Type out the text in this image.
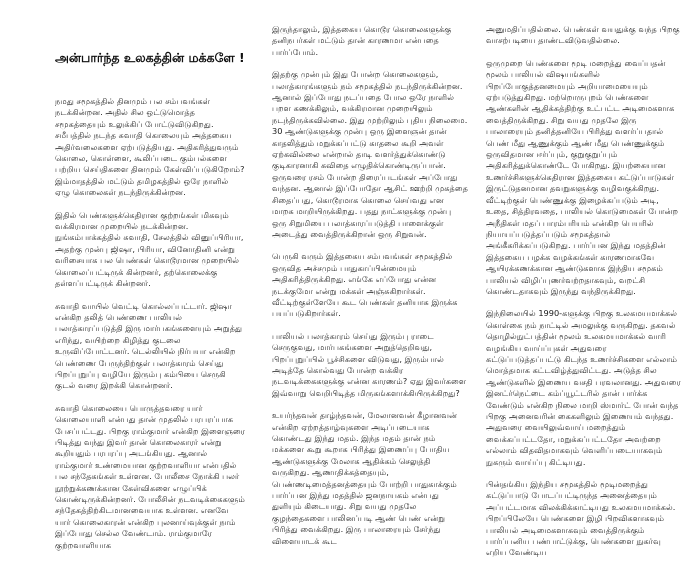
அன்பார்ந்த உலகத்தின் மக்களே !

நமது சமூகத்தில் தினமும் பல சம்பவங்கள் நடக்கின்றன. அதில் சில ஒட்டுமொத்த சமூகத்தையும் உலுக்கிப் போட்டுவிடுகிறது. சமீபத்தில் நடந்த சுவாதி கொலையும் அத்தகைய அதிர்வலைகளை ஏற்படுத்தியது. அதிகரித்துவரும் கொலை, கொள்ளை, கூலிப்படை கும்பல்களை பற்றிய செய்திகளை தினமும் கேள்விப்படுகிறோம்? இம்மாதத்தில் மட்டும் தமிழகத்தில் ஒரே நாளில் ஏழு கொலைகள் நடந்திருக்கின்றன.

இதில் பெண்களுக்கெதிரான குற்றங்கள் மிகவும் வக்கிரமான முறையில் நடக்கின்றன. நுங்கம்பாக்கத்தில் சுவாதி, சேலத்தில் வினுப்பிரியா, அதற்கு முன்பு ஜிஷா, பிரியா, வினோதினி என்று வரிசையாக பல பெண்கள் கொடூரமான முறையில் கொலைப்பட்டிருக் கின்றனர், தற்கொலைக்கு தள்ளப்பட்டிருக் கின்றனர்.

சுவாதி வாயில் வெட்டி கொல்லப்பட்டார். ஜிஷா என்கிற தலித் பெண்ணை பாலியல் பலாத்காரப்படுத்தி இரு மார்பகங்களையும் அறுத்து எரிந்து, வயிற்றை கிழித்து குடலை உருவிப்போட்டனர். டெல்லியில் நிர்பயா என்கிற பெண்ணை பேருந்திற்குள் பலாத்காரம் செய்து பிறப்புறுப்பு வழியே இரும்பு கம்பியை செருகி குடல் வரை இறக்கி கொன்றனர்.

சுவாதி கொலையை பொருத்தவரை யார் கொலையாளி என்பது தான் முதலில் பரபரப்பாக பேசப்பட்டது. பிறகு ராம்குமார் என்கிற இளைஞரை பிடித்து வந்து இவர் தான் கொலைகாரர் என்று கூறியதும் பரபரப்பு அடங்கியது. ஆனால் ராம்குமார் உண்மையான குற்றவாளியா என்பதில் பல சந்தேகங்கள் உள்ளன. போலீசை நோக்கி பலர் நூற்றுக்கணக்கான கேள்விகளை எழுப்பிக் கொண்டிருக்கின்றனர். போலீசின் நடவடிக்கைகளும் சந்தேகத்திற்கிடமானவையாக உள்ளன. எனவே யார் கொலைகாரன் என்கிற புலனாய்வுக்குள் நாம் இப்போது செல்ல வேண்டாம். ராம்குமாரே குற்றவாளியாக

இருந்தாலும், இத்தகைய கொடூர கொலைகளுக்கு தனிநபர்கள் மட்டும் தான் காரணமா என்பதை பார்ப்போம்.

இதற்கு முன்பும் இது போன்ற கொலைகளும், பலாத்காரங்களும் நம் சமூகத்தில் நடந்திருக்கின்றன. ஆனால் இப்போது நடப்பதை போல ஒரே நாளில் பறள கணக்கிலும், வக்கிரமான முறையிலும் நடந்திருக்கவில்லை. இது முற்றிலும் புதிய நிலைமை. 30 ஆண்டுகளுக்கு முன்பு ஒரு இளைஞன் தான் காதலித்தும் மறுக்கப்பட்டு காதலை கூறி அவள் ஏற்கவில்லை என்றால் தாடி வளர்த்துக்கொண்டு குடிகாரனாகி கவிதை எழுதிக்கொண்டிருப்பான். ஒருவரை ரசம் போன்ற திரைப்படங்கள் அப்போது வந்தன. ஆனால் இப்போதோ ஆசிட் ஊற்றி முகத்தை சிதைப்பது, கொடூரமாக கொலை செய்வது என மாறக மாறியிருக்கிறது. பதது நாட்களுக்கு முன்பு ஒரு சிறுமியை பலாத்காரப்படுத்தி பாளைக்குள் அடைத்து வைத்திருக்கிறான் ஒரு சிறுவன்.

பெருகி வரும் இத்தகைய சம்பவங்கள் சமூகத்தில் ஒருவித அச்சமும் பாதுகாப்பின்மையும் அதிகரித்திருக்கிறது. எங்கே எப்போது என்ன நடக்குமோ என்று மக்கள் அஞ்சுகிறார்கள். வீட்டிற்குள்ளேயே கூட பெண்கள் தனியாக இருக்க பயப்படுகிறார்கள்.

பாலியல் பலாத்காரம் செய்து இரும்பு ராடை செருகுவது, மார்பகங்களை அறுத்தெறிவது, பிறப்புறுப்பில் பூச்சிகளை விடுவது, இரும்பால் அடித்தே கொல்வது போன்ற வக்கிர நடவடிக்கைகளுக்கு என்ன காரணம்? ஏது இவர்களை இவ்வாறு வெறிபிடித்த மிருகங்களாக்கியிருக்கிறது?

உயர்ந்தவன் தாழ்ந்தவன், மேலானவன் கீழானவன் என்கிற ஏற்றத்தாழ்வுகளை அடிப்படையாக கொண்டது இந்து மதம். இந்த மதம் தான் நம் மக்களை கூறு கூறாக பிரித்து இணைப்பு போதிய ஆண்டுகளுக்கு மேலாக ஆதிக்கம் செலுத்தி வருகிறது. ஆணாதிக்கத்தையும், பெண்ணடிமைத்தனத்தையும் போற்றி பாதுகாக்கும் பார்ப்பன இந்து மதத்தில் ஜனநாயகம் என்பது துளியும் கிடையாது. சிறு வயது முதலே குழந்தைகளை பாலினப்படி ஆண் பெண் என்று பிரித்து வைக்கிறது. இரு பாலாரையும் சேர்ந்து விளையாடக் கூட

அனுமதிப்பதில்லை. பெண்கள் வயதுக்கு வந்த பிறகு வாசற்படியை தாண்டவிடுவதில்லை.

ஒருமுறை பெண்களை மூடி மறைத்து வைப்பதன் மூலம் பாலியல் விஷயங்களில் பிறப்போகுத்தனமையும் அறியாமையையும் ஏற்படுத்துகிறது. மற்றொருபுறம் பெண்களை ஆண்களின் ஆதிக்கத்திற்கு உட்பட்ட அடிமைகளாக வைத்திருக்கிறது. சிறு வயது முதலே இரு பாலாரையும் தனித்தனியே பிரித்து வளர்ப்பதால் பெண் மீது ஆணுக்கும் ஆண் மீது பெண்ணுக்கும் ஒருவிதமான ஈர்ப்பும், குறுகுறுப்பும் அதிகரித்துக்கொண்டே போகிறது. இயற்கையான உணர்ச்சிகளுக்கெதிரான இத்தகைய கட்டுப்பாடுகள் இருட்டுதனமான தவறுகளுக்கு வழிவகுக்கிறது. வீட்டிற்குள் பெண்ணுக்கு இழைக்கப்படும் அடி, உதை, சித்திரவதை, பாலியல் கொடுமைகள் போன்ற அநீதிகள் மதப் பாரம்பரியம் என்கிற பெயரில் நியாயப்படுத்தப்படும் சமூகத்தால் அங்கீகரிக்கப்படுகிறது. பார்ப்பன இந்து மதத்தின் இத்தகைய பழக்க வழக்கங்கள் காரணமாகவே ஆயிரக்கணக்கான ஆண்டுகளாக இந்திய சமூகம் பாலியல் விழிப்புணர்வற்றதாகவும், வறட்சி கொண்டதாகவும் இருந்து வந்திருக்கிறது.

இந்நிலையில் 1990-களுக்கு பிறகு உலகமயமாக்கல் கொள்கை நம் நாட்டில் அமலுக்கு வருகிறது. தகவல் தொழில்நுட்பத்தின் மூலம் உலகமயமாக்கல் வாரி வழங்கிய வாய்ப்புகள் அதுவரை கட்டுப்படுத்தப்பட்டு கிடந்த உணர்ச்சிகளை எல்லாம் மொத்தமாக கட்டவிழ்த்துவிட்டது. அடுத்த சில ஆண்டுகளில் இணைய வசதி பரவலானது. அதுவரை இனட்ர்நெட்டை கம்ப்யூட்டரில் தான் பார்க்க வேண்டும் என்கிற நிலை மாறி ஸ்மார்ட் போன் வந்த பிறகு அனைவரின் கைகளிலும் இணையம் வந்தது. அதுவரை வையிலுவ்வாய் மறைத்தும் வைக்கப்பட்டதோ, மறுக்கப்பட்டதோ அவற்றை எல்லாம் விதவிதமாகவும் வெளிப்படையாகவும் நுகரும் வாய்ப்பு கிட்டியது.

பின்தங்கிய இந்திய சமூகத்தில் மூடிமறைத்து கட்டுப்பாடு போடப்பட்டிருந்த அனைத்தையும் அப்பட்டமாக விலக்கிக்காட்டியது உலகமயமாக்கல். பிறப்பிலேயே பெண்களை இழி பிறவிகளாகவும் பாலியல் அடிமைகளாகவும் வைத்திருக்கும் பார்ப்பனிய பண்பாட்டுக்கு, பெண்களை நுகர்வு எறிய வேண்டிய
